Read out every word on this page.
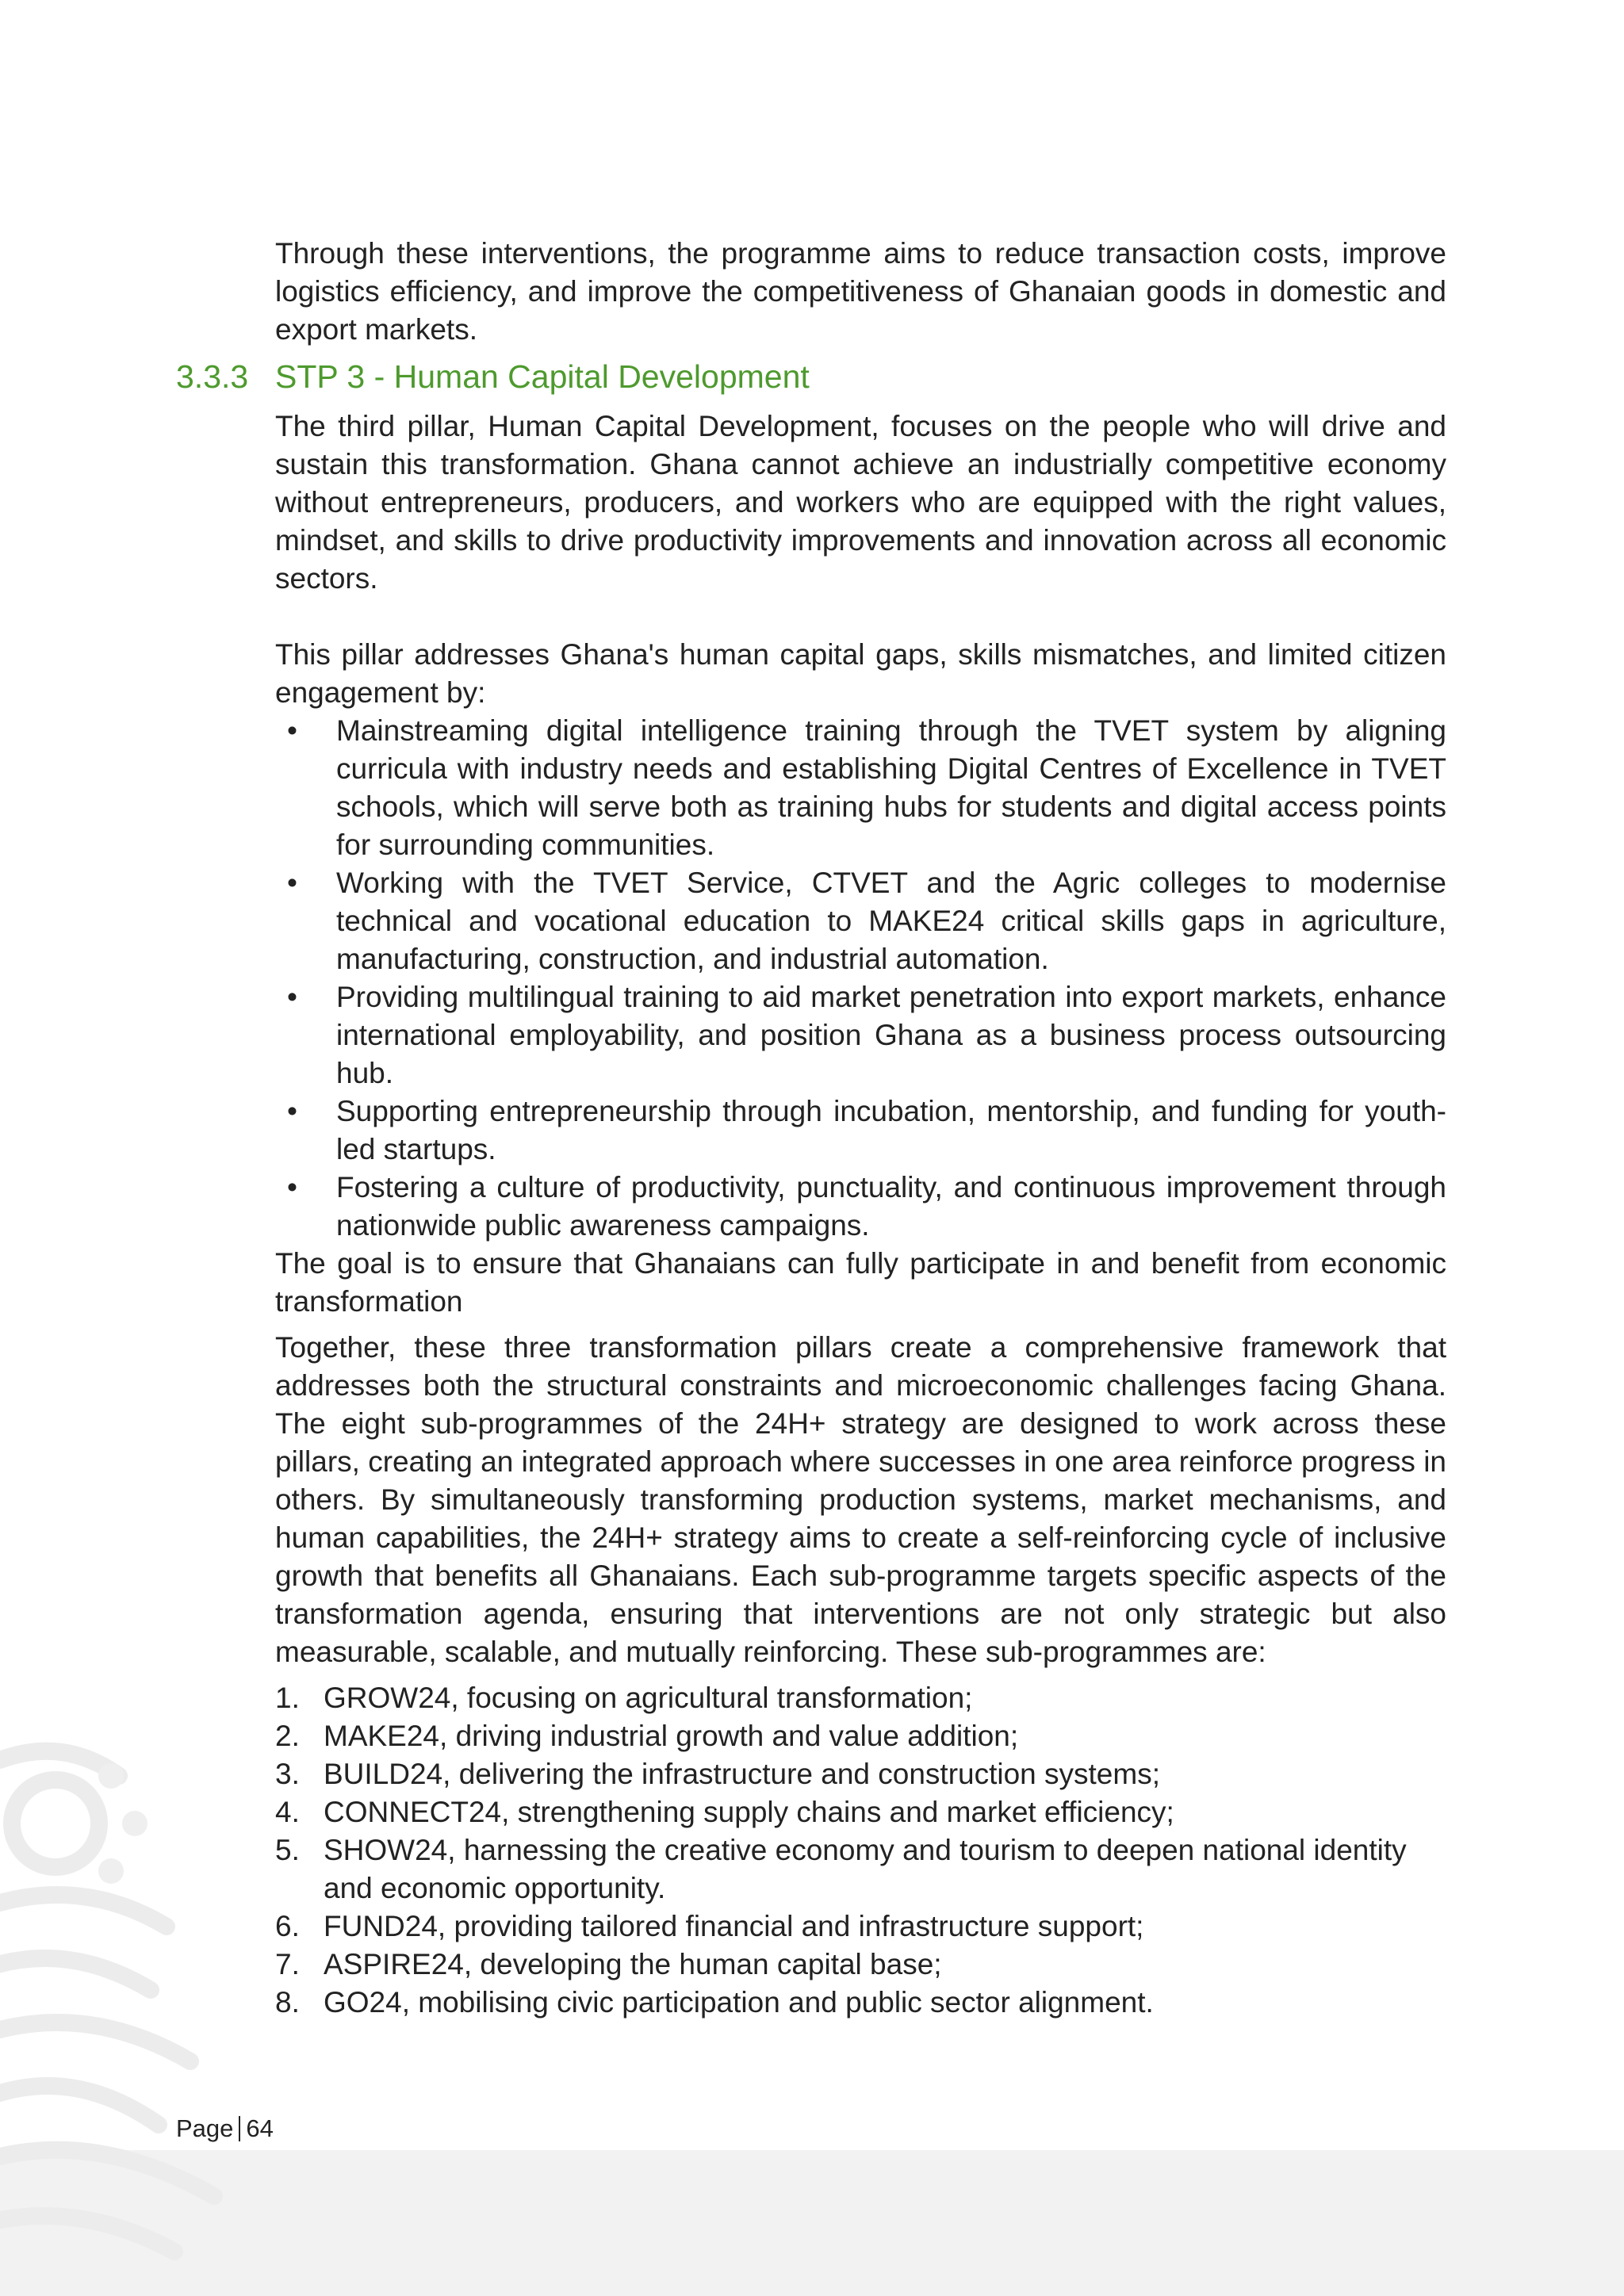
Through these interventions, the programme aims to reduce transaction costs, improve logistics efficiency, and improve the competitiveness of Ghanaian goods in domestic and export markets.

3.3.3 STP 3 - Human Capital Development

The third pillar, Human Capital Development, focuses on the people who will drive and sustain this transformation. Ghana cannot achieve an industrially competitive economy without entrepreneurs, producers, and workers who are equipped with the right values, mindset, and skills to drive productivity improvements and innovation across all economic sectors.

This pillar addresses Ghana's human capital gaps, skills mismatches, and limited citizen engagement by:

• Mainstreaming digital intelligence training through the TVET system by aligning curricula with industry needs and establishing Digital Centres of Excellence in TVET schools, which will serve both as training hubs for students and digital access points for surrounding communities.
• Working with the TVET Service, CTVET and the Agric colleges to modernise technical and vocational education to MAKE24 critical skills gaps in agriculture, manufacturing, construction, and industrial automation.
• Providing multilingual training to aid market penetration into export markets, enhance international employability, and position Ghana as a business process outsourcing hub.
• Supporting entrepreneurship through incubation, mentorship, and funding for youth-led startups.
• Fostering a culture of productivity, punctuality, and continuous improvement through nationwide public awareness campaigns.

The goal is to ensure that Ghanaians can fully participate in and benefit from economic transformation

Together, these three transformation pillars create a comprehensive framework that addresses both the structural constraints and microeconomic challenges facing Ghana. The eight sub-programmes of the 24H+ strategy are designed to work across these pillars, creating an integrated approach where successes in one area reinforce progress in others. By simultaneously transforming production systems, market mechanisms, and human capabilities, the 24H+ strategy aims to create a self-reinforcing cycle of inclusive growth that benefits all Ghanaians. Each sub-programme targets specific aspects of the transformation agenda, ensuring that interventions are not only strategic but also measurable, scalable, and mutually reinforcing. These sub-programmes are:

1. GROW24, focusing on agricultural transformation;
2. MAKE24, driving industrial growth and value addition;
3. BUILD24, delivering the infrastructure and construction systems;
4. CONNECT24, strengthening supply chains and market efficiency;
5. SHOW24, harnessing the creative economy and tourism to deepen national identity and economic opportunity.
6. FUND24, providing tailored financial and infrastructure support;
7. ASPIRE24, developing the human capital base;
8. GO24, mobilising civic participation and public sector alignment.
Page 64
